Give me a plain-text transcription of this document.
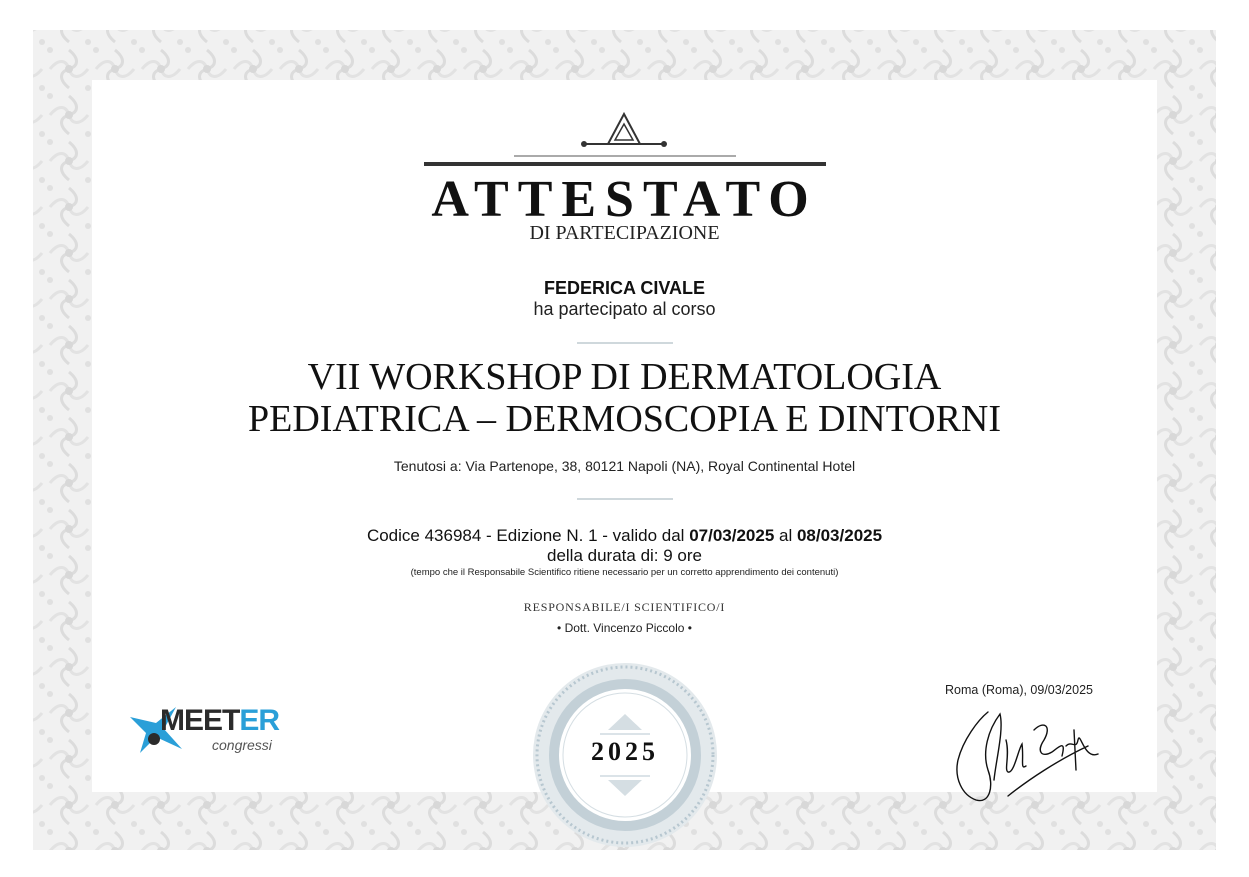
ATTESTATO
DI PARTECIPAZIONE
FEDERICA CIVALE
ha partecipato al corso
VII WORKSHOP DI DERMATOLOGIA
PEDIATRICA – DERMOSCOPIA E DINTORNI
Tenutosi a: Via Partenope, 38, 80121 Napoli (NA), Royal Continental Hotel
Codice 436984 - Edizione N. 1 - valido dal 07/03/2025 al 08/03/2025
della durata di: 9 ore
(tempo che il Responsabile Scientifico ritiene necessario per un corretto apprendimento dei contenuti)
RESPONSABILE/I SCIENTIFICO/I
• Dott. Vincenzo Piccolo •
MEETER
congressi	2025
Roma (Roma), 09/03/2025
